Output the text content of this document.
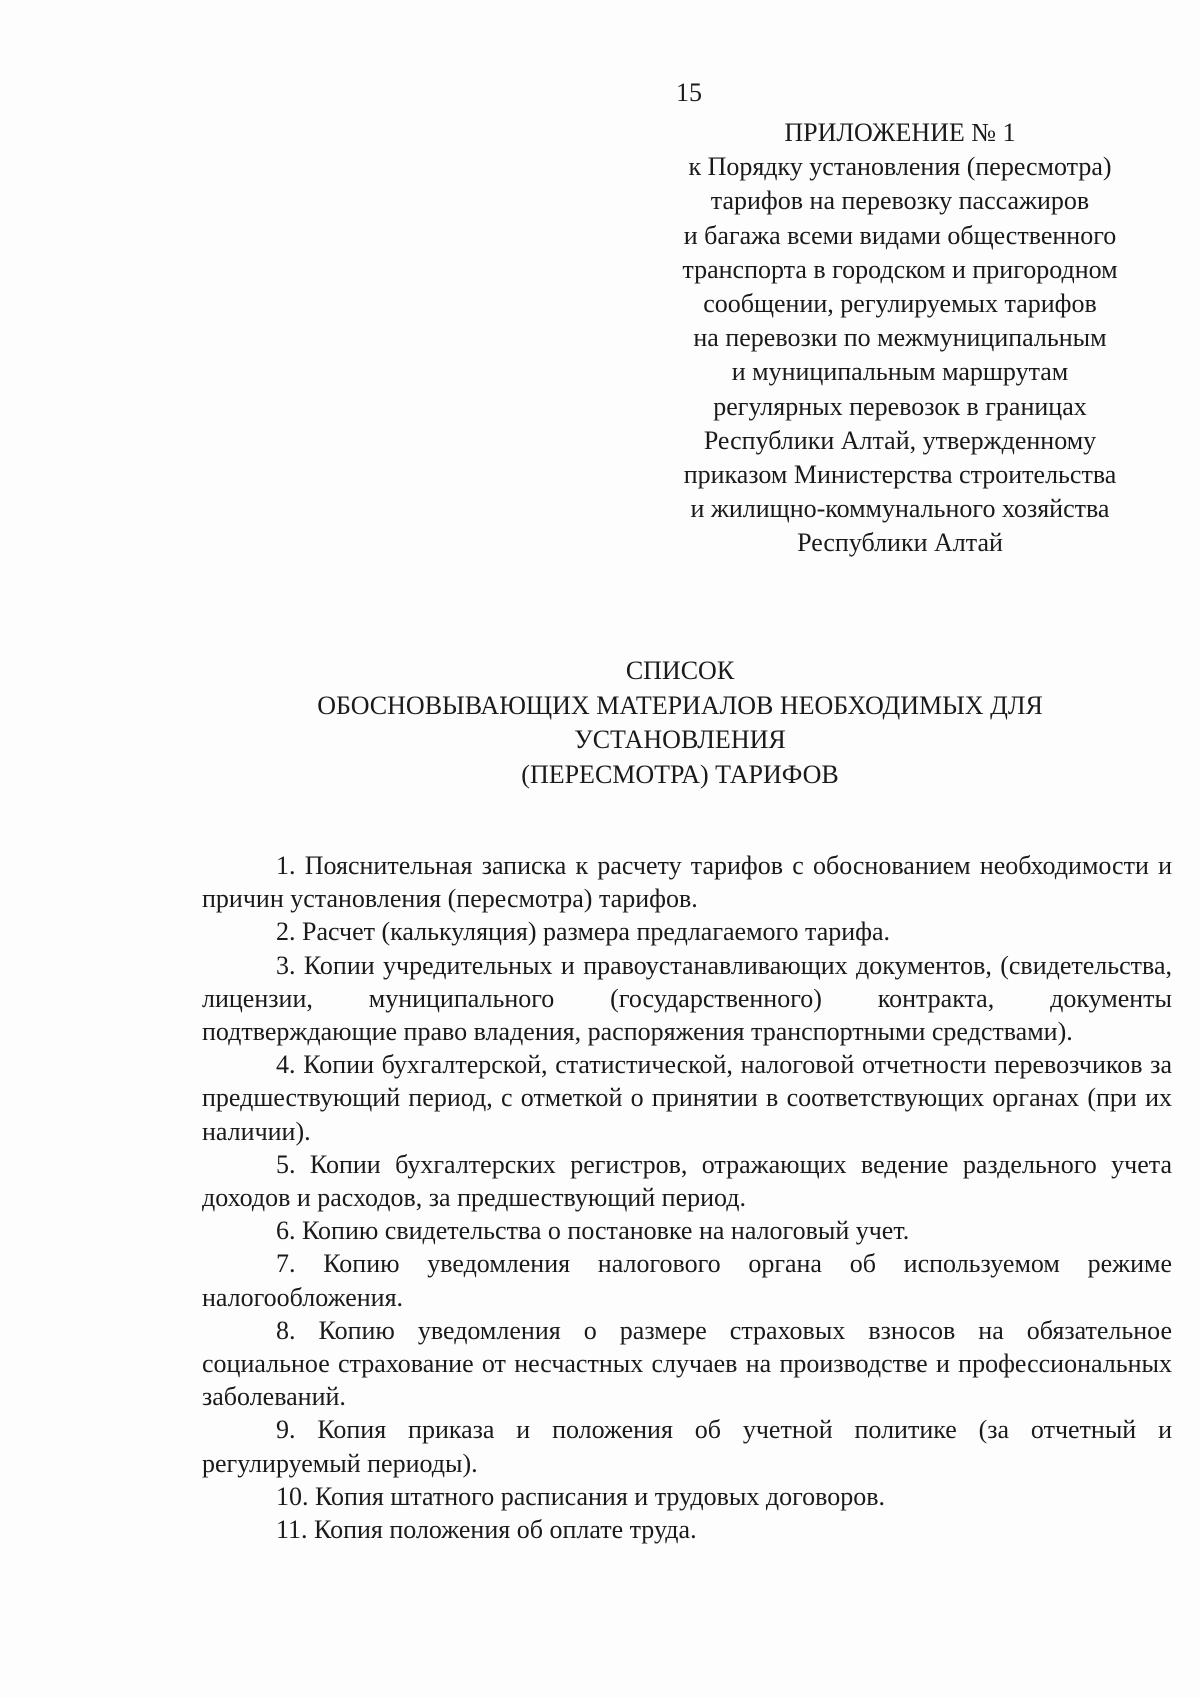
15
ПРИЛОЖЕНИЕ № 1
к Порядку установления (пересмотра)
тарифов на перевозку пассажиров
и багажа всеми видами общественного
транспорта в городском и пригородном
сообщении, регулируемых тарифов
на перевозки по межмуниципальным
и муниципальным маршрутам
регулярных перевозок в границах
Республики Алтай, утвержденному
приказом Министерства строительства
и жилищно-коммунального хозяйства
Республики Алтай
СПИСОК
ОБОСНОВЫВАЮЩИХ МАТЕРИАЛОВ НЕОБХОДИМЫХ ДЛЯ
УСТАНОВЛЕНИЯ
(ПЕРЕСМОТРА) ТАРИФОВ

1. Пояснительная записка к расчету тарифов с обоснованием необходимости и причин установления (пересмотра) тарифов.

2. Расчет (калькуляция) размера предлагаемого тарифа.

3. Копии учредительных и правоустанавливающих документов, (свидетельства, лицензии, муниципального (государственного) контракта, документы подтверждающие право владения, распоряжения транспортными средствами).

4. Копии бухгалтерской, статистической, налоговой отчетности перевозчиков за предшествующий период, с отметкой о принятии в соответствующих органах (при их наличии).

5. Копии бухгалтерских регистров, отражающих ведение раздельного учета доходов и расходов, за предшествующий период.

6. Копию свидетельства о постановке на налоговый учет.

7. Копию уведомления налогового органа об используемом режиме налогообложения.

8. Копию уведомления о размере страховых взносов на обязательное социальное страхование от несчастных случаев на производстве и профессиональных заболеваний.

9. Копия приказа и положения об учетной политике (за отчетный и регулируемый периоды).

10. Копия штатного расписания и трудовых договоров.

11. Копия положения об оплате труда.
